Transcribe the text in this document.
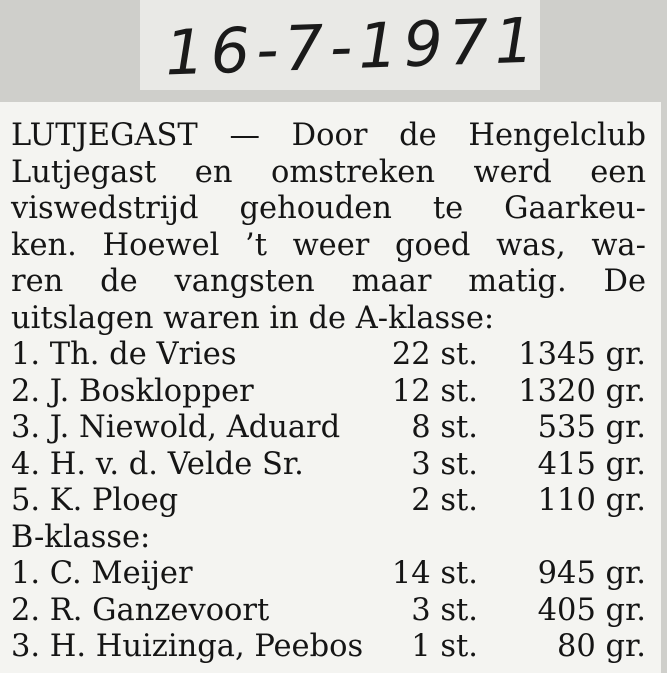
16-7-1971
LUTJEGAST — Door de Hengelclub
Lutjegast en omstreken werd een
viswedstrijd gehouden te Gaarkeu-
ken. Hoewel ’t weer goed was, wa-
ren de vangsten maar matig. De
uitslagen waren in de A-klasse:
1. Th. de Vries	22 st. 1345 gr.
2. J. Bosklopper	12 st. 1320 gr.
3. J. Niewold, Aduard 8 st. 535 gr.
4. H. v. d. Velde Sr.	3 st. 415 gr.
5. K. Ploeg	2 st. 110 gr.
B-klasse:
1. C. Meijer	14 st. 945 gr.
2. R. Ganzevoort	3 st. 405 gr.
3. H. Huizinga, Peebos 1 st.	80 gr.
